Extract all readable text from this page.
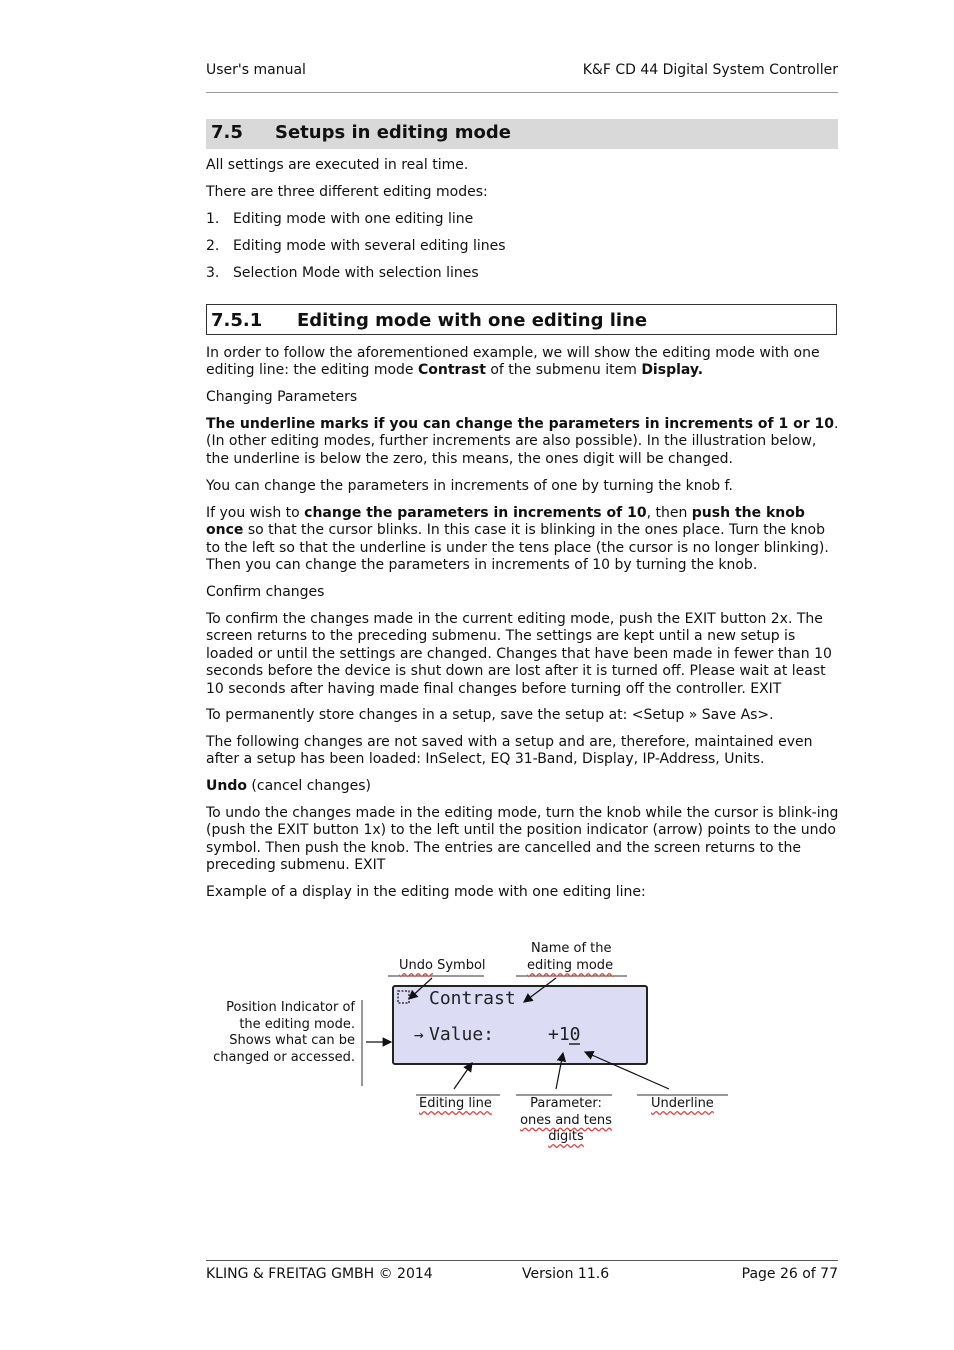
User's manual	K&F CD 44 Digital System Controller
7.5 Setups in editing mode

All settings are executed in real time.

There are three different editing modes:

1. Editing mode with one editing line
2. Editing mode with several editing lines
3. Selection Mode with selection lines
7.5.1 Editing mode with one editing line

In order to follow the aforementioned example, we will show the editing mode with one editing line: the editing mode Contrast of the submenu item Display.

Changing Parameters

The underline marks if you can change the parameters in increments of 1 or 10. (In other editing modes, further increments are also possible). In the illustration below, the underline is below the zero, this means, the ones digit will be changed.

You can change the parameters in increments of one by turning the knob f.

If you wish to change the parameters in increments of 10, then push the knob once so that the cursor blinks. In this case it is blinking in the ones place. Turn the knob to the left so that the underline is under the tens place (the cursor is no longer blinking). Then you can change the parameters in increments of 10 by turning the knob.

Confirm changes

To confirm the changes made in the current editing mode, push the EXIT button 2x. The screen returns to the preceding submenu. The settings are kept until a new setup is loaded or until the settings are changed. Changes that have been made in fewer than 10 seconds before the device is shut down are lost after it is turned off. Please wait at least 10 seconds after having made final changes before turning off the controller. EXIT

To permanently store changes in a setup, save the setup at: <Setup » Save As>.

The following changes are not saved with a setup and are, therefore, maintained even after a setup has been loaded: InSelect, EQ 31-Band, Display, IP-Address, Units.

Undo (cancel changes)

To undo the changes made in the editing mode, turn the knob while the cursor is blink-ing (push the EXIT button 1x) to the left until the position indicator (arrow) points to the undo symbol. Then push the knob. The entries are cancelled and the screen returns to the preceding submenu. EXIT

Example of a display in the editing mode with one editing line:

Contrast
→ Value:	+10
Undo Symbol
Name of the
editing mode
Position Indicator of
the editing mode.
Shows what can be
changed or accessed.
Editing line	Parameter:
ones and tens
digits
Underline
KLING & FREITAG GMBH © 2014	Version 11.6	Page 26 of 77
